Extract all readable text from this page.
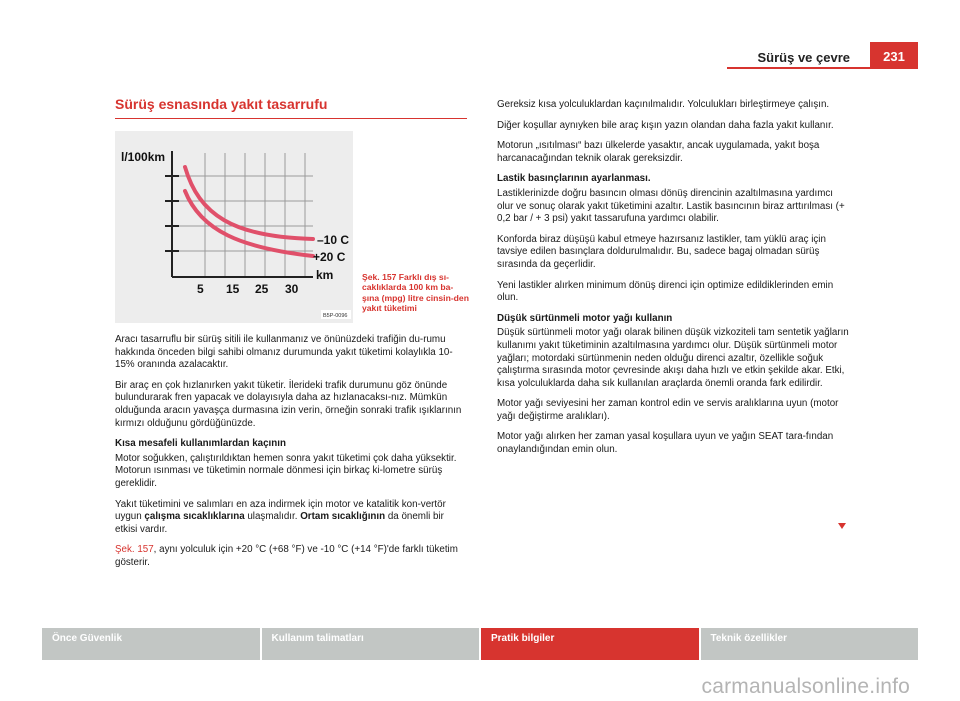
Sürüş ve çevre	231
Sürüş esnasında yakıt tasarrufu
l/100km
–10 C
+20 C
km
5 15 25 30
B5P-0096
Şek. 157 Farklı dış sı-caklıklarda 100 km ba-şına (mpg) litre cinsin-den yakıt tüketimi

Aracı tasarruflu bir sürüş sitili ile kullanmanız ve önünüzdeki trafiğin du-rumu hakkında önceden bilgi sahibi olmanız durumunda yakıt tüketimi kolaylıkla 10-15% oranında azalacaktır.

Bir araç en çok hızlanırken yakıt tüketir. İlerideki trafik durumunu göz önünde bulundurarak fren yapacak ve dolayısıyla daha az hızlanacaksı-nız. Mümkün olduğunda aracın yavaşça durmasına izin verin, örneğin sonraki trafik ışıklarının kırmızı olduğunu gördüğünüzde.

Kısa mesafeli kullanımlardan kaçının

Motor soğukken, çalıştırıldıktan hemen sonra yakıt tüketimi çok daha yüksektir. Motorun ısınması ve tüketimin normale dönmesi için birkaç ki-lometre sürüş gereklidir.

Yakıt tüketimini ve salımları en aza indirmek için motor ve katalitik kon-vertör uygun çalışma sıcaklıklarına ulaşmalıdır. Ortam sıcaklığının da önemli bir etkisi vardır.

Şek. 157, aynı yolculuk için +20 °C (+68 °F) ve -10 °C (+14 °F)'de farklı tüketim gösterir.

Gereksiz kısa yolculuklardan kaçınılmalıdır. Yolculukları birleştirmeye çalışın.

Diğer koşullar aynıyken bile araç kışın yazın olandan daha fazla yakıt kullanır.

Motorun „ısıtılması“ bazı ülkelerde yasaktır, ancak uygulamada, yakıt boşa harcanacağından teknik olarak gereksizdir.

Lastik basınçlarının ayarlanması.

Lastiklerinizde doğru basıncın olması dönüş direncinin azaltılmasına yardımcı olur ve sonuç olarak yakıt tüketimini azaltır. Lastik basıncının biraz arttırılması (+ 0,2 bar / + 3 psi) yakıt tassarufuna yardımcı olabilir.

Konforda biraz düşüşü kabul etmeye hazırsanız lastikler, tam yüklü araç için tavsiye edilen basınçlara doldurulmalıdır. Bu, sadece bagaj olmadan sürüş sırasında da geçerlidir.

Yeni lastikler alırken minimum dönüş direnci için optimize edildiklerinden emin olun.

Düşük sürtünmeli motor yağı kullanın

Düşük sürtünmeli motor yağı olarak bilinen düşük vizkoziteli tam sentetik yağların kullanımı yakıt tüketiminin azaltılmasına yardımcı olur. Düşük sürtünmeli motor yağları; motordaki sürtünmenin neden olduğu direnci azaltır, özellikle soğuk çalıştırma sırasında motor çevresinde akışı daha hızlı ve etkin şekilde akar. Etki, kısa yolculuklarda daha sık kullanılan araçlarda önemli oranda fark edilirdir.

Motor yağı seviyesini her zaman kontrol edin ve servis aralıklarına uyun (motor yağı değiştirme aralıkları).

Motor yağı alırken her zaman yasal koşullara uyun ve yağın SEAT tara-fından onaylandığından emin olun.

Önce Güvenlik	Kullanım talimatları	Pratik bilgiler	Teknik özellikler
carmanualsonline.info
